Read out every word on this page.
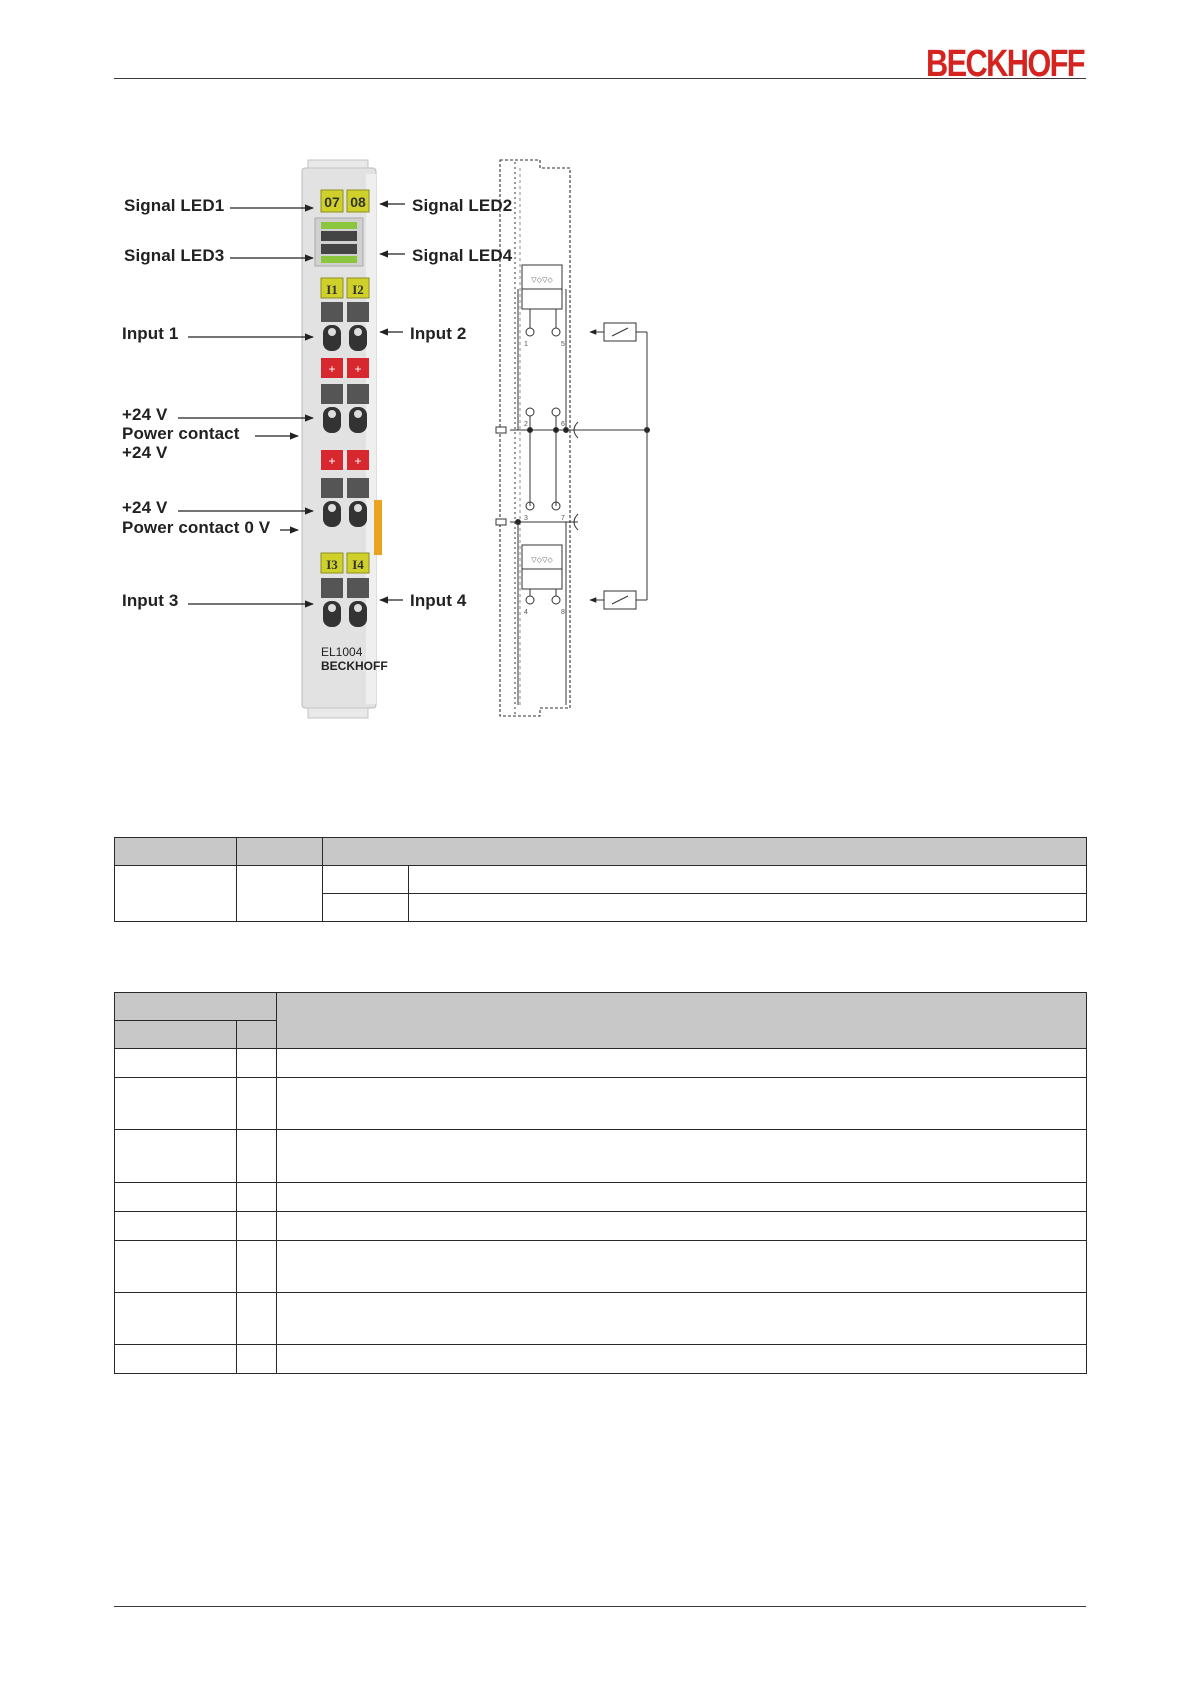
BECKHOFF
07 08
I1 I2
+ +
+ +
I3 I4
EL1004
BECKHOFF
▽◇▽◇
1	5
2	6
3	7
▽◇▽◇
4	8
Signal LED1	Signal LED2
Signal LED3	Signal LED4
Input 1	Input 2
+24 V
Power contact
+24 V
+24 V
Power contact 0 V
Input 3	Input 4
